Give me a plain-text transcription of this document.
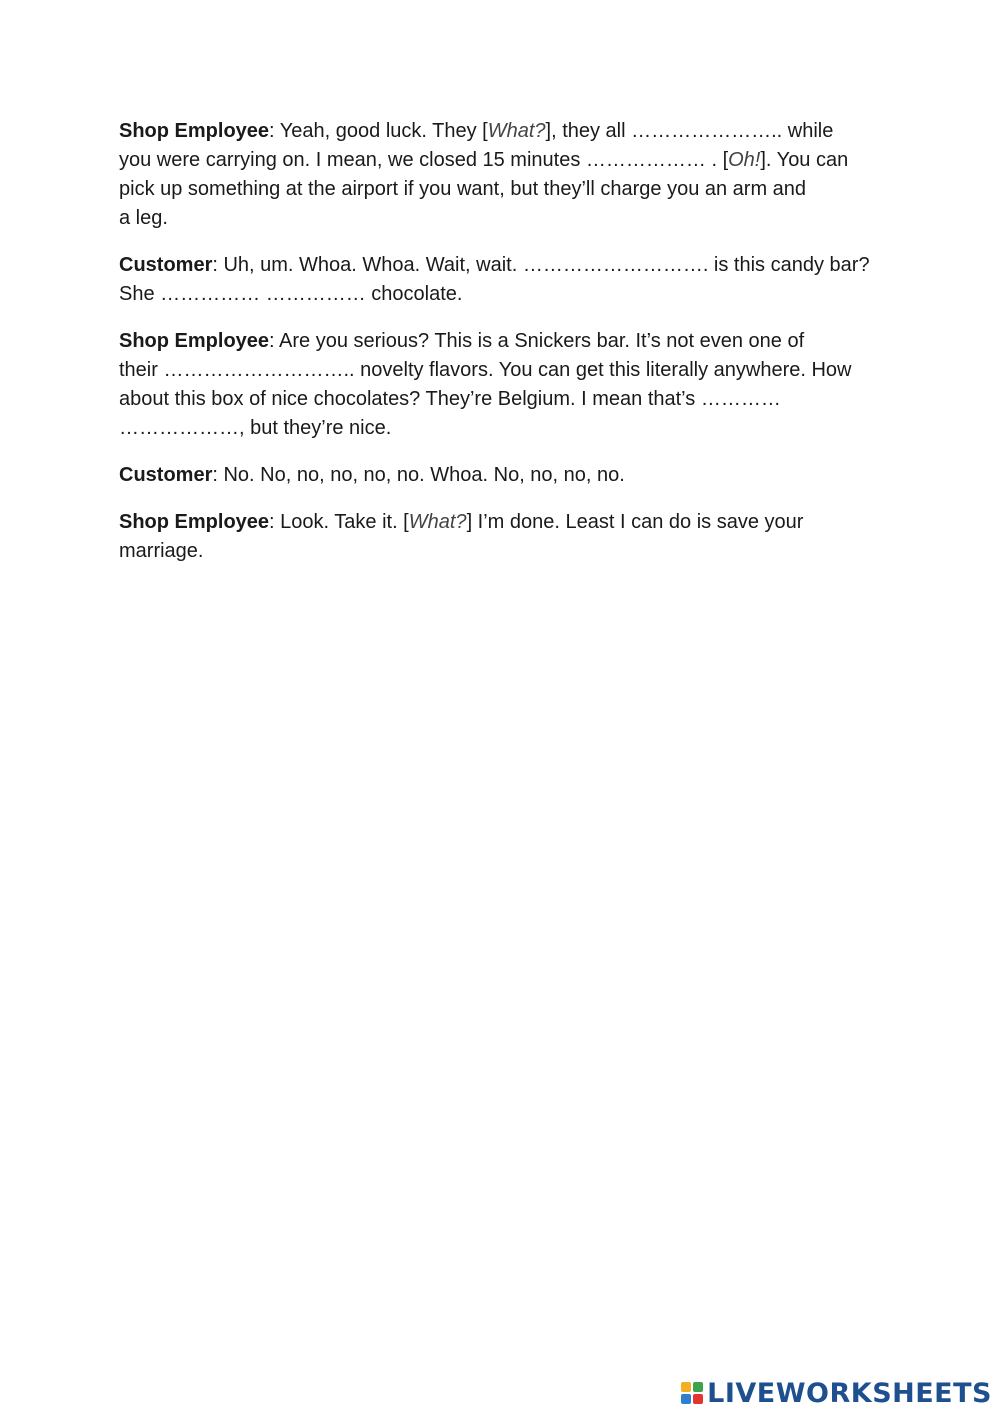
Shop Employee: Yeah, good luck. They [What?], they all ………………….. while
you were carrying on. I mean, we closed 15 minutes ……………… . [Oh!]. You can
pick up something at the airport if you want, but they’ll charge you an arm and
a leg.

Customer: Uh, um. Whoa. Whoa. Wait, wait. ………………………. is this candy bar?
She …………… …………… chocolate.

Shop Employee: Are you serious? This is a Snickers bar. It’s not even one of
their ……………………….. novelty flavors. You can get this literally anywhere. How
about this box of nice chocolates? They’re Belgium. I mean that’s …………
………………, but they’re nice.

Customer: No. No, no, no, no, no. Whoa. No, no, no, no.

Shop Employee: Look. Take it. [What?] I’m done. Least I can do is save your
marriage.

LIVEWORKSHEETS
